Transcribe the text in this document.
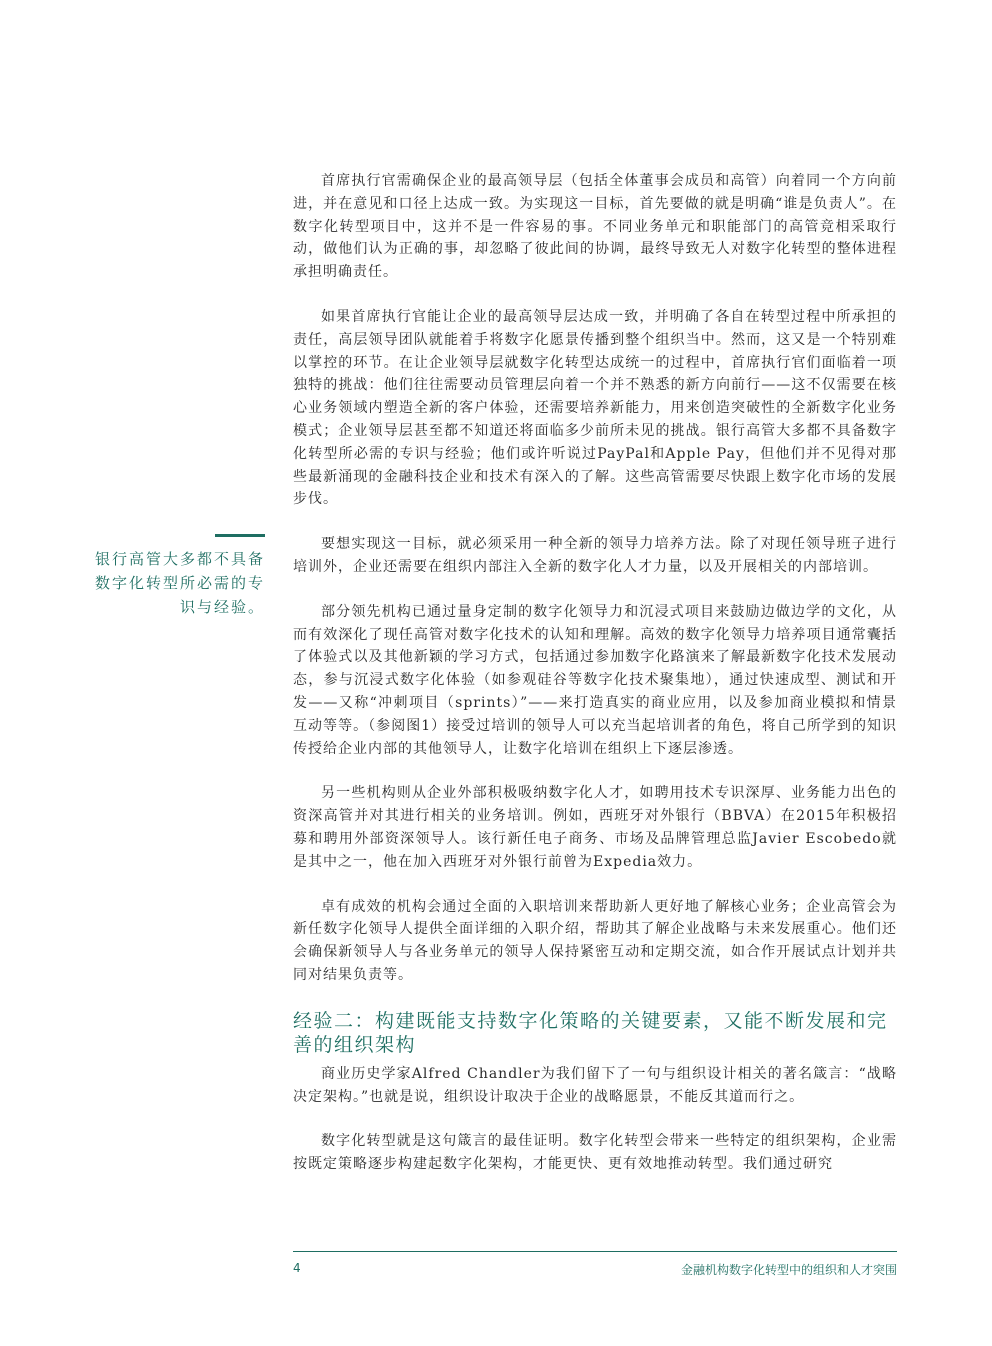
银行高管大多都不具备数字化转型所必需的专识与经验。

首席执行官需确保企业的最高领导层（包括全体董事会成员和高管）向着同一个方向前进，并在意见和口径上达成一致。为实现这一目标，首先要做的就是明确“谁是负责人”。在数字化转型项目中，这并不是一件容易的事。不同业务单元和职能部门的高管竞相采取行动，做他们认为正确的事，却忽略了彼此间的协调，最终导致无人对数字化转型的整体进程承担明确责任。

如果首席执行官能让企业的最高领导层达成一致，并明确了各自在转型过程中所承担的责任，高层领导团队就能着手将数字化愿景传播到整个组织当中。然而，这又是一个特别难以掌控的环节。在让企业领导层就数字化转型达成统一的过程中，首席执行官们面临着一项独特的挑战：他们往往需要动员管理层向着一个并不熟悉的新方向前行——这不仅需要在核心业务领域内塑造全新的客户体验，还需要培养新能力，用来创造突破性的全新数字化业务模式；企业领导层甚至都不知道还将面临多少前所未见的挑战。银行高管大多都不具备数字化转型所必需的专识与经验；他们或许听说过PayPal和Apple Pay，但他们并不见得对那些最新涌现的金融科技企业和技术有深入的了解。这些高管需要尽快跟上数字化市场的发展步伐。

要想实现这一目标，就必须采用一种全新的领导力培养方法。除了对现任领导班子进行培训外，企业还需要在组织内部注入全新的数字化人才力量，以及开展相关的内部培训。

部分领先机构已通过量身定制的数字化领导力和沉浸式项目来鼓励边做边学的文化，从而有效深化了现任高管对数字化技术的认知和理解。高效的数字化领导力培养项目通常囊括了体验式以及其他新颖的学习方式，包括通过参加数字化路演来了解最新数字化技术发展动态，参与沉浸式数字化体验（如参观硅谷等数字化技术聚集地），通过快速成型、测试和开发——又称“冲刺项目（sprints）”——来打造真实的商业应用，以及参加商业模拟和情景互动等等。（参阅图1）接受过培训的领导人可以充当起培训者的角色，将自己所学到的知识传授给企业内部的其他领导人，让数字化培训在组织上下逐层渗透。

另一些机构则从企业外部积极吸纳数字化人才，如聘用技术专识深厚、业务能力出色的资深高管并对其进行相关的业务培训。例如，西班牙对外银行（BBVA）在2015年积极招募和聘用外部资深领导人。该行新任电子商务、市场及品牌管理总监Javier Escobedo就是其中之一，他在加入西班牙对外银行前曾为Expedia效力。

卓有成效的机构会通过全面的入职培训来帮助新人更好地了解核心业务；企业高管会为新任数字化领导人提供全面详细的入职介绍，帮助其了解企业战略与未来发展重心。他们还会确保新领导人与各业务单元的领导人保持紧密互动和定期交流，如合作开展试点计划并共同对结果负责等。

经验二：构建既能支持数字化策略的关键要素，又能不断发展和完善的组织架构

商业历史学家Alfred Chandler为我们留下了一句与组织设计相关的著名箴言：“战略决定架构。”也就是说，组织设计取决于企业的战略愿景，不能反其道而行之。

数字化转型就是这句箴言的最佳证明。数字化转型会带来一些特定的组织架构，企业需按既定策略逐步构建起数字化架构，才能更快、更有效地推动转型。我们通过研究

4	金融机构数字化转型中的组织和人才突围
